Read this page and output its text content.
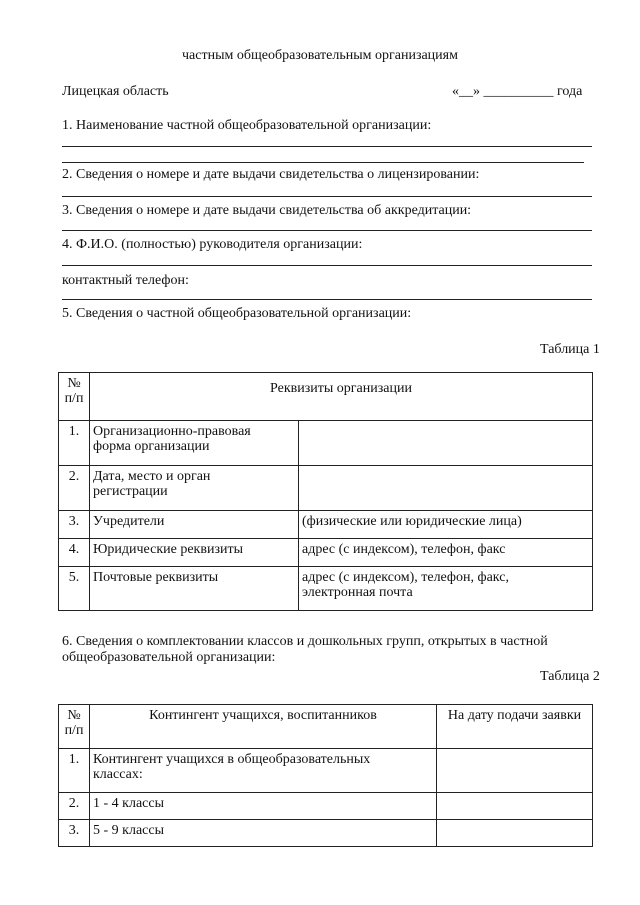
частным общеобразовательным организациям
Лицецкая область	«__» __________ года
1. Наименование частной общеобразовательной организации:
2. Сведения о номере и дате выдачи свидетельства о лицензировании:
3. Сведения о номере и дате выдачи свидетельства об аккредитации:
4. Ф.И.О. (полностью) руководителя организации:
контактный телефон:
5. Сведения о частной общеобразовательной организации:
Таблица 1
№
п/п	Реквизиты организации	
1.	Организационно-правовая
форма организации	

2.	Дата, место и орган
регистрации	

3.	Учредители	(физические или юридические лица)

4.	Юридические реквизиты	адрес (с индексом), телефон, факс

5.	Почтовые реквизиты	адрес (с индексом), телефон, факс,
электронная почта
6. Сведения о комплектовании классов и дошкольных групп, открытых в частной
общеобразовательной организации:
Таблица 2
№
п/п	Контингент учащихся, воспитанников	На дату подачи заявки
1.	Контингент учащихся в общеобразовательных
классах:	

2.	1 - 4 классы	

3.	5 - 9 классы	
